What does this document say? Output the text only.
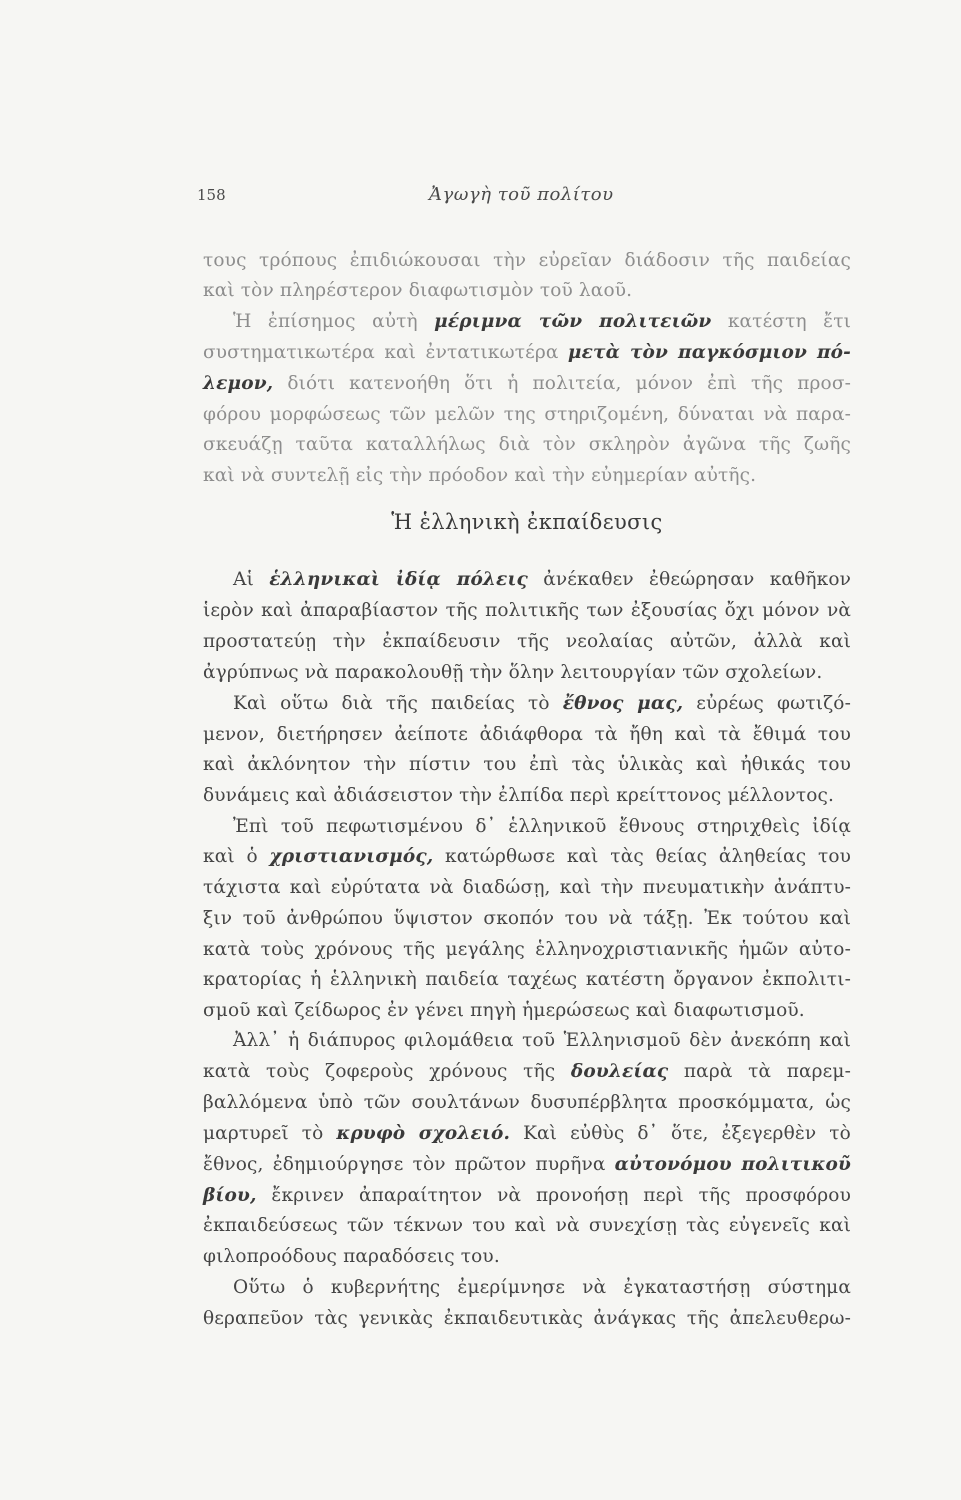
158	Ἀγωγὴ τοῦ πολίτου
τους τρόπους ἐπιδιώκουσαι τὴν εὐρεῖαν διάδοσιν τῆς παιδείας
καὶ τὸν πληρέστερον διαφωτισμὸν τοῦ λαοῦ.
Ἡ ἐπίσημος αὐτὴ μέριμνα τῶν πολιτειῶν κατέστη ἔτι
συστηματικωτέρα καὶ ἐντατικωτέρα μετὰ τὸν παγκόσμιον πό-
λεμον, διότι κατενοήθη ὅτι ἡ πολιτεία, μόνον ἐπὶ τῆς προσ-
φόρου μορφώσεως τῶν μελῶν της στηριζομένη, δύναται νὰ παρα-
σκευάζῃ ταῦτα καταλλήλως διὰ τὸν σκληρὸν ἀγῶνα τῆς ζωῆς
καὶ νὰ συντελῇ εἰς τὴν πρόοδον καὶ τὴν εὐημερίαν αὐτῆς.
Αἱ ἑλληνικαὶ ἰδίᾳ πόλεις ἀνέκαθεν ἐθεώρησαν καθῆκον
ἱερὸν καὶ ἀπαραβίαστον τῆς πολιτικῆς των ἐξουσίας ὄχι μόνον νὰ
προστατεύῃ τὴν ἐκπαίδευσιν τῆς νεολαίας αὐτῶν, ἀλλὰ καὶ
ἀγρύπνως νὰ παρακολουθῇ τὴν ὅλην λειτουργίαν τῶν σχολείων.
Καὶ οὕτω διὰ τῆς παιδείας τὸ ἔθνος μας, εὐρέως φωτιζό-
μενον, διετήρησεν ἀείποτε ἀδιάφθορα τὰ ἤθη καὶ τὰ ἔθιμά του
καὶ ἀκλόνητον τὴν πίστιν του ἐπὶ τὰς ὑλικὰς καὶ ἠθικάς του
δυνάμεις καὶ ἀδιάσειστον τὴν ἐλπίδα περὶ κρείττονος μέλλοντος.
Ἐπὶ τοῦ πεφωτισμένου δ᾽ ἑλληνικοῦ ἔθνους στηριχθεὶς ἰδίᾳ
καὶ ὁ χριστιανισμός, κατώρθωσε καὶ τὰς θείας ἀληθείας του
τάχιστα καὶ εὐρύτατα νὰ διαδώσῃ, καὶ τὴν πνευματικὴν ἀνάπτυ-
ξιν τοῦ ἀνθρώπου ὕψιστον σκοπόν του νὰ τάξῃ. Ἐκ τούτου καὶ
κατὰ τοὺς χρόνους τῆς μεγάλης ἑλληνοχριστιανικῆς ἡμῶν αὐτο-
κρατορίας ἡ ἑλληνικὴ παιδεία ταχέως κατέστη ὄργανον ἐκπολιτι-
σμοῦ καὶ ζείδωρος ἐν γένει πηγὴ ἡμερώσεως καὶ διαφωτισμοῦ.
Ἀλλ᾽ ἡ διάπυρος φιλομάθεια τοῦ Ἑλληνισμοῦ δὲν ἀνεκόπη καὶ
κατὰ τοὺς ζοφεροὺς χρόνους τῆς δουλείας παρὰ τὰ παρεμ-
βαλλόμενα ὑπὸ τῶν σουλτάνων δυσυπέρβλητα προσκόμματα, ὡς
μαρτυρεῖ τὸ κρυφὸ σχολειό. Καὶ εὐθὺς δ᾽ ὅτε, ἐξεγερθὲν τὸ
ἔθνος, ἐδημιούργησε τὸν πρῶτον πυρῆνα αὐτονόμου πολιτικοῦ
βίου, ἔκρινεν ἀπαραίτητον νὰ προνοήσῃ περὶ τῆς προσφόρου
ἐκπαιδεύσεως τῶν τέκνων του καὶ νὰ συνεχίσῃ τὰς εὐγενεῖς καὶ
φιλοπροόδους παραδόσεις του.
Οὕτω ὁ κυβερνήτης ἐμερίμνησε νὰ ἐγκαταστήσῃ σύστημα
θεραπεῦον τὰς γενικὰς ἐκπαιδευτικὰς ἀνάγκας τῆς ἀπελευθερω-
Ἡ ἑλληνικὴ ἐκπαίδευσις
